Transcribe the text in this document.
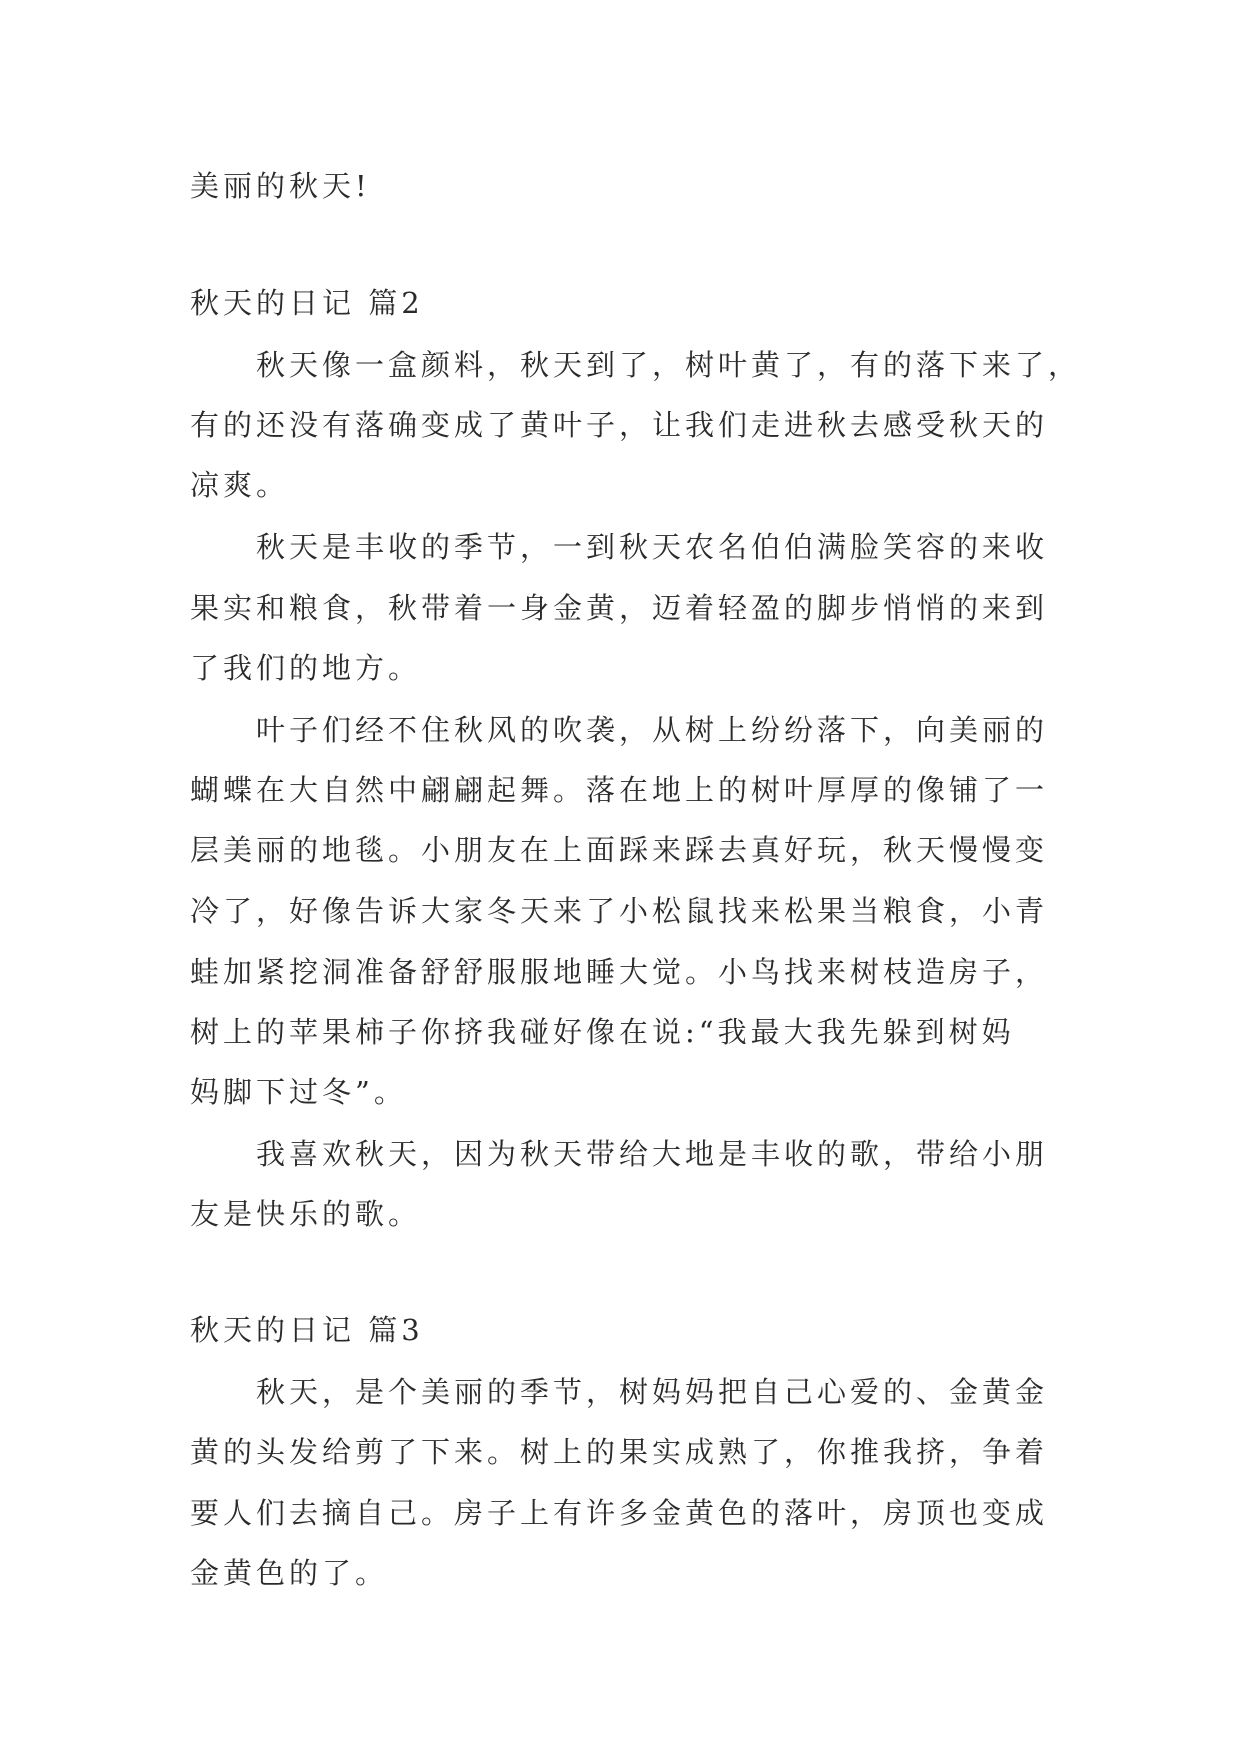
美丽的秋天!
秋天的日记 篇2
秋天像一盒颜料，秋天到了，树叶黄了，有的落下来了，
有的还没有落确变成了黄叶子，让我们走进秋去感受秋天的
凉爽。
秋天是丰收的季节，一到秋天农名伯伯满脸笑容的来收
果实和粮食，秋带着一身金黄，迈着轻盈的脚步悄悄的来到
了我们的地方。
叶子们经不住秋风的吹袭，从树上纷纷落下，向美丽的
蝴蝶在大自然中翩翩起舞。落在地上的树叶厚厚的像铺了一
层美丽的地毯。小朋友在上面踩来踩去真好玩，秋天慢慢变
冷了，好像告诉大家冬天来了小松鼠找来松果当粮食，小青
蛙加紧挖洞准备舒舒服服地睡大觉。小鸟找来树枝造房子，
树上的苹果柿子你挤我碰好像在说:“我最大我先躲到树妈
妈脚下过冬”。
我喜欢秋天，因为秋天带给大地是丰收的歌，带给小朋
友是快乐的歌。
秋天的日记 篇3
秋天，是个美丽的季节，树妈妈把自己心爱的、金黄金
黄的头发给剪了下来。树上的果实成熟了，你推我挤，争着
要人们去摘自己。房子上有许多金黄色的落叶，房顶也变成
金黄色的了。
